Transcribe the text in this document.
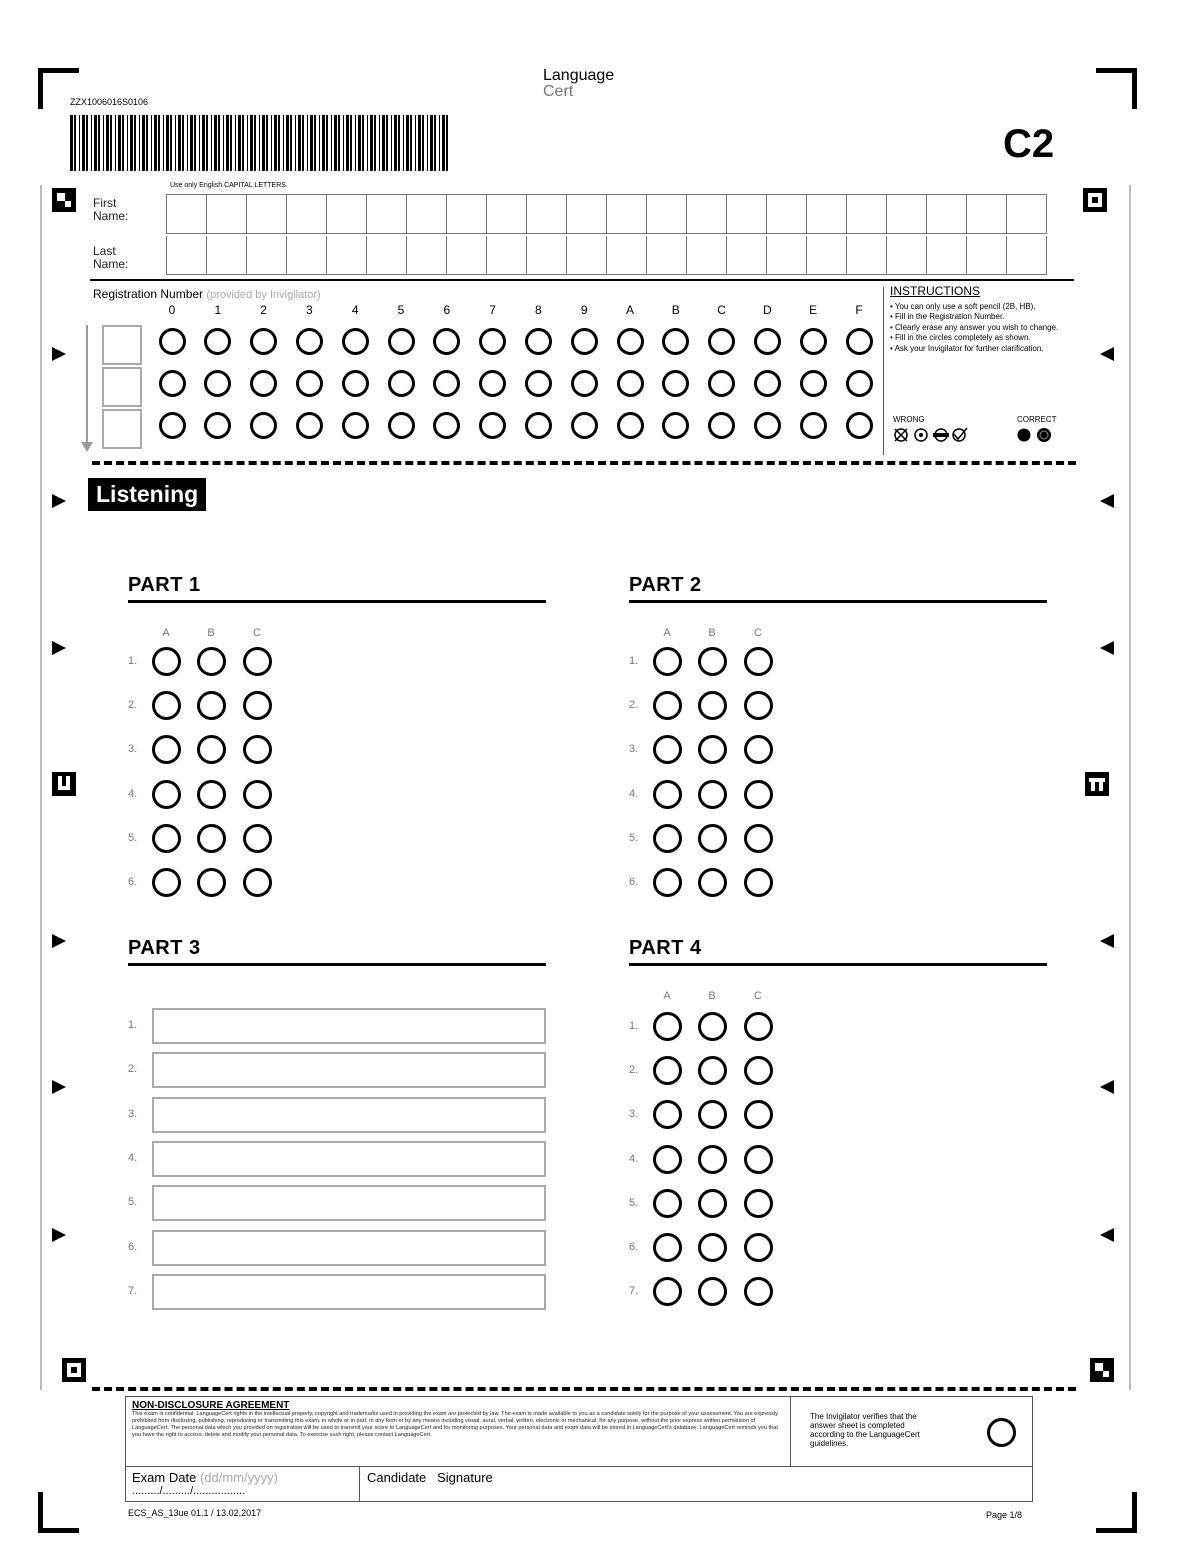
ZZX1006016S0106
Language
Cert
C2
Use only English CAPITAL LETTERS.
First
Name:
Last
Name:
Registration Number (provided by Invigilator)
0	1	2	3	4	5	6	7	8	9	A	B	C	D	E	F
INSTRUCTIONS
• You can only use a soft pencil (2B, HB).
• Fill in the Registration Number.
• Clearly erase any answer you wish to change.
• Fill in the circles completely as shown.
• Ask your Invigilator for further clarification.
WRONG	CORRECT
Listening
PART 1	PART 2
PART 3	PART 4
A	B	C
1.
2.
3.
4.
5.
6.
A	B	C
1.
2.
3.
4.
5.
6.
A	B	C
1.
2.
3.
4.
5.
6.
7.
1.
2.
3.
4.
5.
6.
7.
NON-DISCLOSURE AGREEMENT
This exam is confidential. LanguageCert rights in the intellectual property, copyright and trademarks used in providing the exam are protected by law. The exam is made available to you as a candidate solely for the purpose of your assessment. You are expressly prohibited from disclosing, publishing, reproducing or transmitting this exam, in whole or in part, in any form or by any means including visual, aural, verbal, written, electronic or mechanical, for any purpose, without the prior express written permission of LanguageCert. The personal data which you provided on registration will be used to transmit your score to LanguageCert and for monitoring purposes. Your personal data and exam data will be stored in LanguageCert's database. LanguageCert reminds you that you have the right to access, delete and modify your personal data. To exercise such right, please contact LanguageCert.
The Invigilator verifies that the answer sheet is completed according to the LanguageCert guidelines.
Exam Date (dd/mm/yyyy)
........./........./.................
Candidate   Signature
ECS_AS_13ue 01.1 / 13.02.2017	Page 1/8
